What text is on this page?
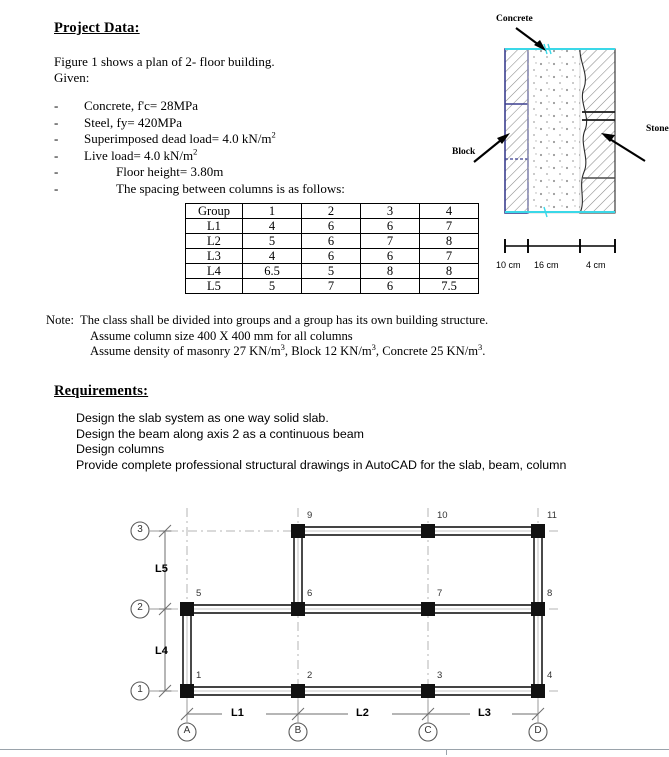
Project Data:
Figure 1 shows a plan of 2- floor building.
Given:
-	Concrete, f'c= 28MPa
-	Steel, fy= 420MPa
-	Superimposed dead load= 4.0 $kN/m^2$
-	Live load= 4.0 $kN/m^2$
-	Floor height= 3.80m
-	The spacing between columns is as follows:
Group	1	2	3	4
L1	4	6	6	7
L2	5	6	7	8
L3	4	6	6	7
L4	6.5	5	8	8
L5	5	7	6	7.5
Note: The class shall be divided into groups and a group has its own building structure.
Assume column size 400 X 400 mm for all columns
Assume density of masonry 27 $KN/m^3$, Block 12 $KN/m^3$, Concrete 25 $KN/m^3$.
Requirements:
Design the slab system as one way solid slab.
Design the beam along axis 2 as a continuous beam
Design columns
Provide complete professional structural drawings in AutoCAD for the slab, beam, column
Concrete
Stone
Block
10 cm 16 cm	4 cm
2
1
A	B	C	D
L5
L4
L1	L2	L3
1	2	3	4
5	6	7	8
9	10	11
3
